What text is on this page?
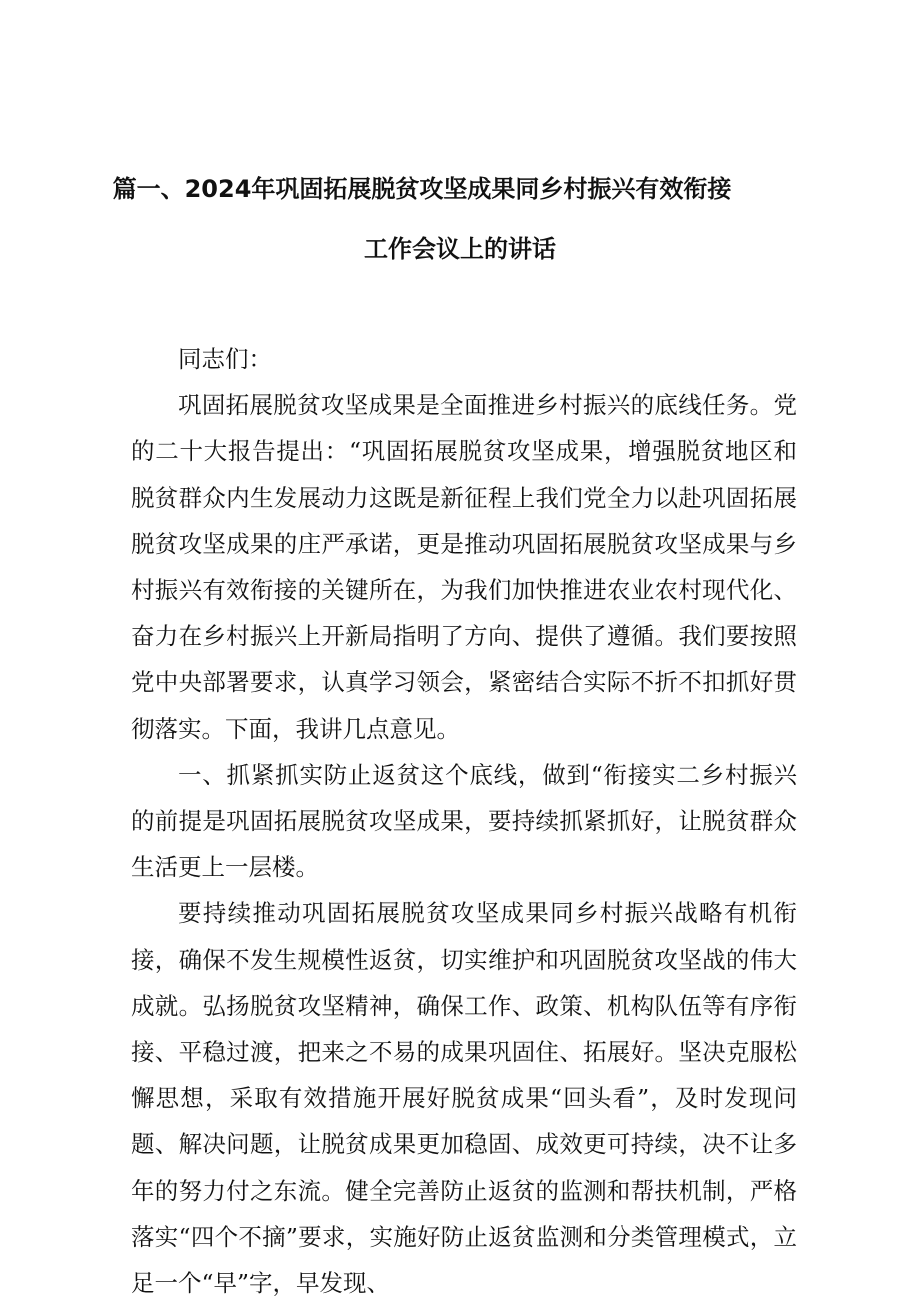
篇一、2024年巩固拓展脱贫攻坚成果同乡村振兴有效衔接
工作会议上的讲话

同志们：

巩固拓展脱贫攻坚成果是全面推进乡村振兴的底线任务。党的二十大报告提出：“巩固拓展脱贫攻坚成果，增强脱贫地区和脱贫群众内生发展动力这既是新征程上我们党全力以赴巩固拓展脱贫攻坚成果的庄严承诺，更是推动巩固拓展脱贫攻坚成果与乡村振兴有效衔接的关键所在，为我们加快推进农业农村现代化、奋力在乡村振兴上开新局指明了方向、提供了遵循。我们要按照党中央部署要求，认真学习领会，紧密结合实际不折不扣抓好贯彻落实。下面，我讲几点意见。

一、抓紧抓实防止返贫这个底线，做到“衔接实二乡村振兴的前提是巩固拓展脱贫攻坚成果，要持续抓紧抓好，让脱贫群众生活更上一层楼。

要持续推动巩固拓展脱贫攻坚成果同乡村振兴战略有机衔接，确保不发生规模性返贫，切实维护和巩固脱贫攻坚战的伟大成就。弘扬脱贫攻坚精神，确保工作、政策、机构队伍等有序衔接、平稳过渡，把来之不易的成果巩固住、拓展好。坚决克服松懈思想，采取有效措施开展好脱贫成果“回头看”，及时发现问题、解决问题，让脱贫成果更加稳固、成效更可持续，决不让多年的努力付之东流。健全完善防止返贫的监测和帮扶机制，严格落实“四个不摘”要求，实施好防止返贫监测和分类管理模式，立足一个“早”字，早发现、
